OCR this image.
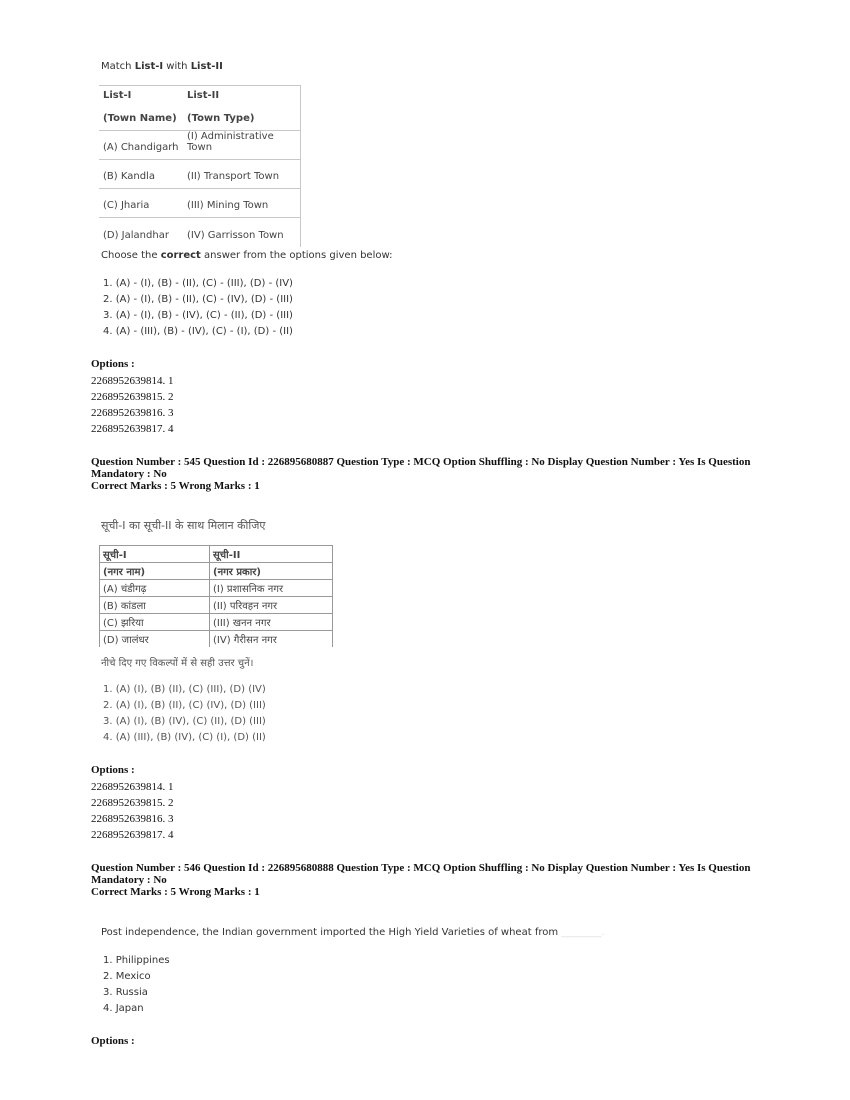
Match List-I with List-II
List-I	List-II
(Town Name)	(Town Type)
(A) Chandigarh	(I) Administrative Town
(B) Kandla	(II) Transport Town
(C) Jharia	(III) Mining Town
(D) Jalandhar	(IV) Garrisson Town
Choose the correct answer from the options given below:
1. (A) - (I), (B) - (II), (C) - (III), (D) - (IV)
2. (A) - (I), (B) - (II), (C) - (IV), (D) - (III)
3. (A) - (I), (B) - (IV), (C) - (II), (D) - (III)
4. (A) - (III), (B) - (IV), (C) - (I), (D) - (II)
Options :
2268952639814. 1
2268952639815. 2
2268952639816. 3
2268952639817. 4
Question Number : 545 Question Id : 226895680887 Question Type : MCQ Option Shuffling : No Display Question Number : Yes Is Question
Mandatory : No
Correct Marks : 5 Wrong Marks : 1
सूची-I का सूची-II के साथ मिलान कीजिए
सूची-I	सूची-II
(नगर नाम)	(नगर प्रकार)
(A) चंडीगढ़	(I) प्रशासनिक नगर
(B) कांडला	(II) परिवहन नगर
(C) झरिया	(III) खनन नगर
(D) जालंधर	(IV) गैरीसन नगर
नीचे दिए गए विकल्पों में से सही उत्तर चुनें।
1. (A) (I), (B) (II), (C) (III), (D) (IV)
2. (A) (I), (B) (II), (C) (IV), (D) (III)
3. (A) (I), (B) (IV), (C) (II), (D) (III)
4. (A) (III), (B) (IV), (C) (I), (D) (II)
Options :
2268952639814. 1
2268952639815. 2
2268952639816. 3
2268952639817. 4
Question Number : 546 Question Id : 226895680888 Question Type : MCQ Option Shuffling : No Display Question Number : Yes Is Question
Mandatory : No
Correct Marks : 5 Wrong Marks : 1
Post independence, the Indian government imported the High Yield Varieties of wheat from ________.
1. Philippines
2. Mexico
3. Russia
4. Japan
Options :
